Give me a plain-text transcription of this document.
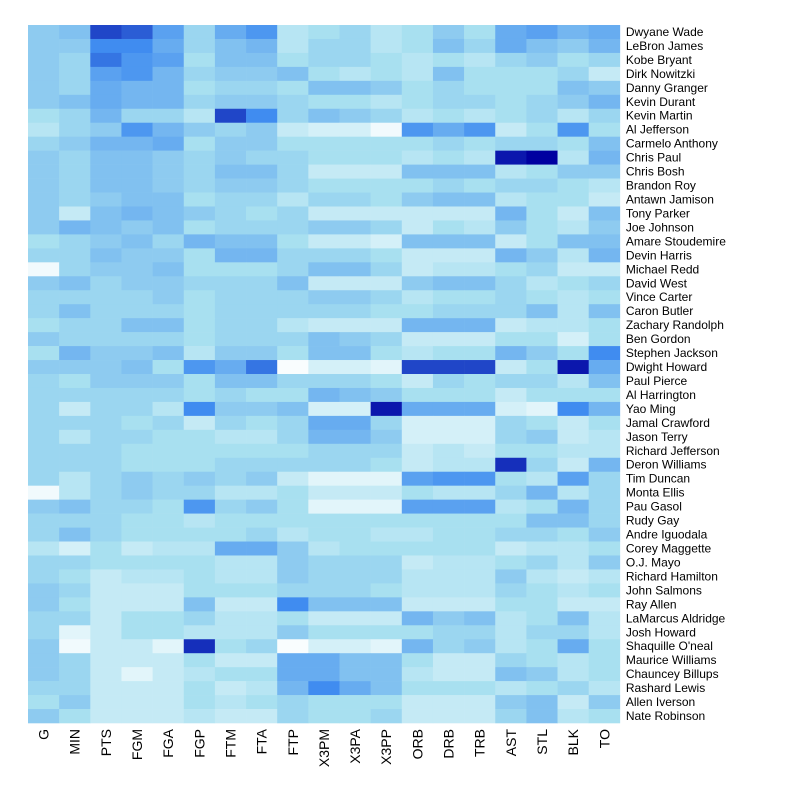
Dwyane Wade
LeBron James
Kobe Bryant
Dirk Nowitzki
Danny Granger
Kevin Durant
Kevin Martin
Al Jefferson
Carmelo Anthony
Chris Paul
Chris Bosh
Brandon Roy
Antawn Jamison
Tony Parker
Joe Johnson
Amare Stoudemire
Devin Harris
Michael Redd
David West
Vince Carter
Caron Butler
Zachary Randolph
Ben Gordon
Stephen Jackson
Dwight Howard
Paul Pierce
Al Harrington
Yao Ming
Jamal Crawford
Jason Terry
Richard Jefferson
Deron Williams
Tim Duncan
Monta Ellis
Pau Gasol
Rudy Gay
Andre Iguodala
Corey Maggette
O.J. Mayo
Richard Hamilton
John Salmons
Ray Allen
LaMarcus Aldridge
Josh Howard
Shaquille O'neal
Maurice Williams
Chauncey Billups
Rashard Lewis
Allen Iverson
Nate Robinson
G MIN PTS FGM FGA FGP FTM FTA FTP X3PM X3PA X3PP ORB DRB TRB AST STL BLK TO
